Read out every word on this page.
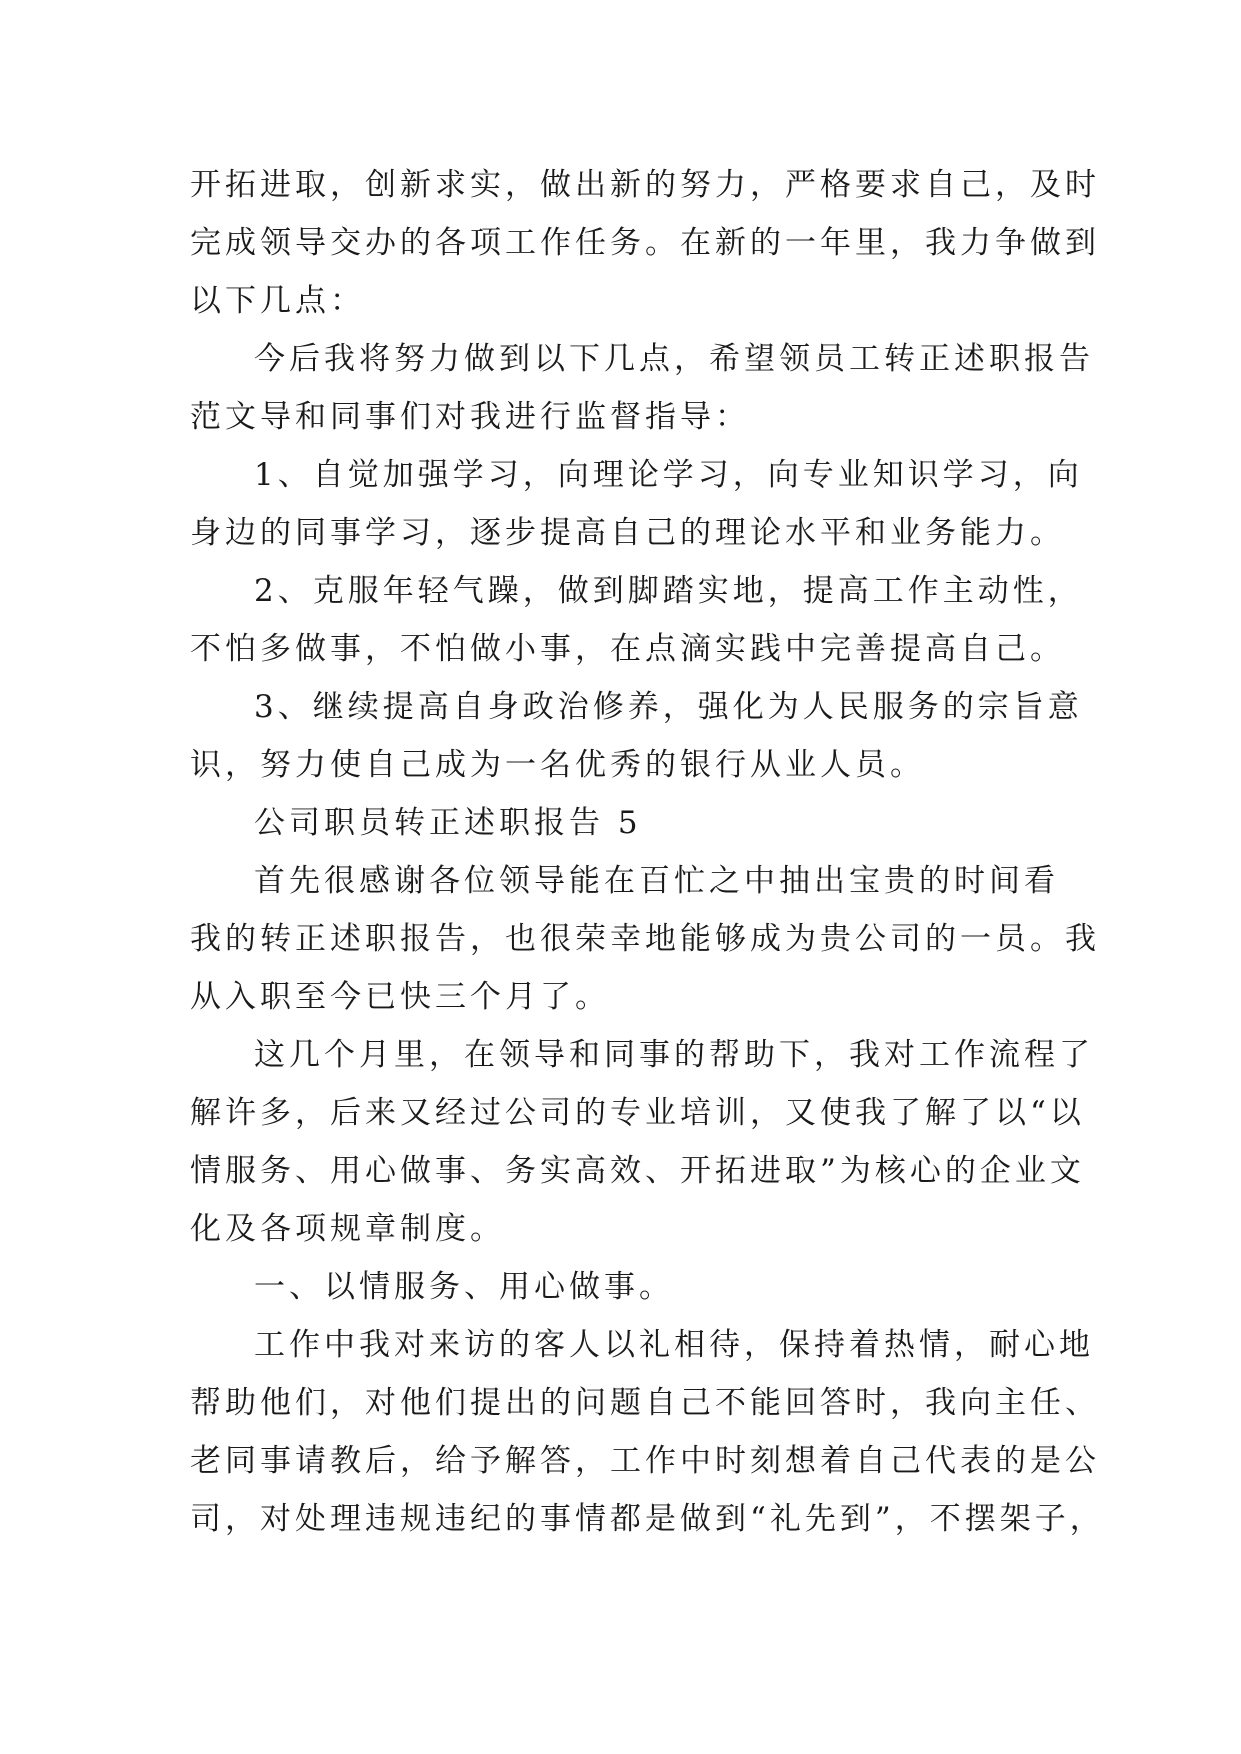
开拓进取，创新求实，做出新的努力，严格要求自己，及时
完成领导交办的各项工作任务。在新的一年里，我力争做到
以下几点：
今后我将努力做到以下几点，希望领员工转正述职报告
范文导和同事们对我进行监督指导：
1、自觉加强学习，向理论学习，向专业知识学习，向
身边的同事学习，逐步提高自己的理论水平和业务能力。
2、克服年轻气躁，做到脚踏实地，提高工作主动性，
不怕多做事，不怕做小事，在点滴实践中完善提高自己。
3、继续提高自身政治修养，强化为人民服务的宗旨意
识，努力使自己成为一名优秀的银行从业人员。
公司职员转正述职报告 5
首先很感谢各位领导能在百忙之中抽出宝贵的时间看
我的转正述职报告，也很荣幸地能够成为贵公司的一员。我
从入职至今已快三个月了。
这几个月里，在领导和同事的帮助下，我对工作流程了
解许多，后来又经过公司的专业培训，又使我了解了以“以
情服务、用心做事、务实高效、开拓进取”为核心的企业文
化及各项规章制度。
一、以情服务、用心做事。
工作中我对来访的客人以礼相待，保持着热情，耐心地
帮助他们，对他们提出的问题自己不能回答时，我向主任、
老同事请教后，给予解答，工作中时刻想着自己代表的是公
司，对处理违规违纪的事情都是做到“礼先到”，不摆架子，
